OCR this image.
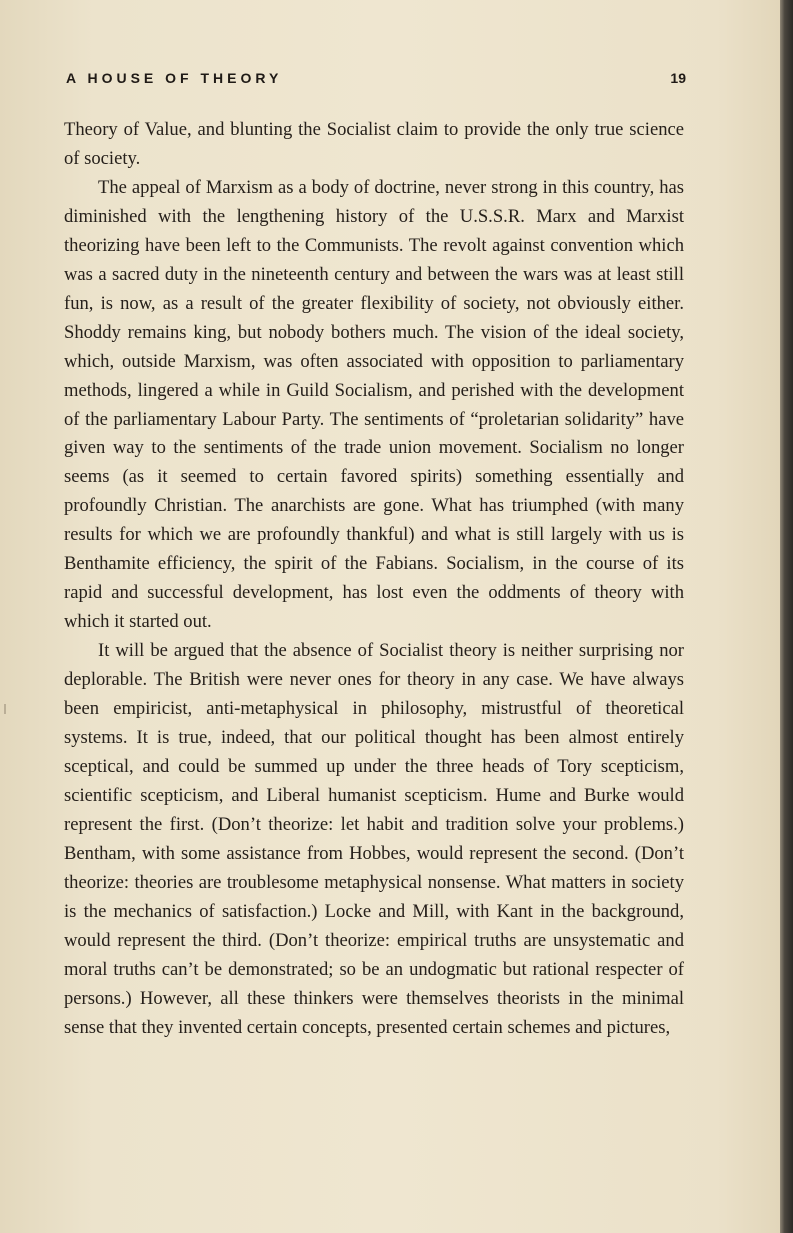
A HOUSE OF THEORY	19

Theory of Value, and blunting the Socialist claim to provide the only true science of society.

The appeal of Marxism as a body of doctrine, never strong in this country, has diminished with the lengthening history of the U.S.S.R. Marx and Marxist theorizing have been left to the Communists. The revolt against convention which was a sacred duty in the nineteenth century and between the wars was at least still fun, is now, as a result of the greater flexibility of society, not obviously either. Shoddy remains king, but nobody bothers much. The vision of the ideal society, which, outside Marxism, was often associated with opposition to parliamentary methods, lingered a while in Guild Socialism, and perished with the development of the parliamentary Labour Party. The sentiments of “proletarian solidarity” have given way to the sentiments of the trade union movement. Socialism no longer seems (as it seemed to certain favored spirits) something essentially and profoundly Christian. The anarchists are gone. What has triumphed (with many results for which we are profoundly thankful) and what is still largely with us is Benthamite efficiency, the spirit of the Fabians. Socialism, in the course of its rapid and successful development, has lost even the oddments of theory with which it started out.

It will be argued that the absence of Socialist theory is neither surprising nor deplorable. The British were never ones for theory in any case. We have always been empiricist, anti-metaphysical in philosophy, mistrustful of theoretical systems. It is true, indeed, that our political thought has been almost entirely sceptical, and could be summed up under the three heads of Tory scepticism, scientific scepticism, and Liberal humanist scepticism. Hume and Burke would represent the first. (Don’t theorize: let habit and tradition solve your problems.) Bentham, with some assistance from Hobbes, would represent the second. (Don’t theorize: theories are troublesome metaphysical nonsense. What matters in society is the mechanics of satisfaction.) Locke and Mill, with Kant in the background, would represent the third. (Don’t theorize: empirical truths are unsystematic and moral truths can’t be demonstrated; so be an undogmatic but rational respecter of persons.) However, all these thinkers were themselves theorists in the minimal sense that they invented certain concepts, presented certain schemes and pictures,
